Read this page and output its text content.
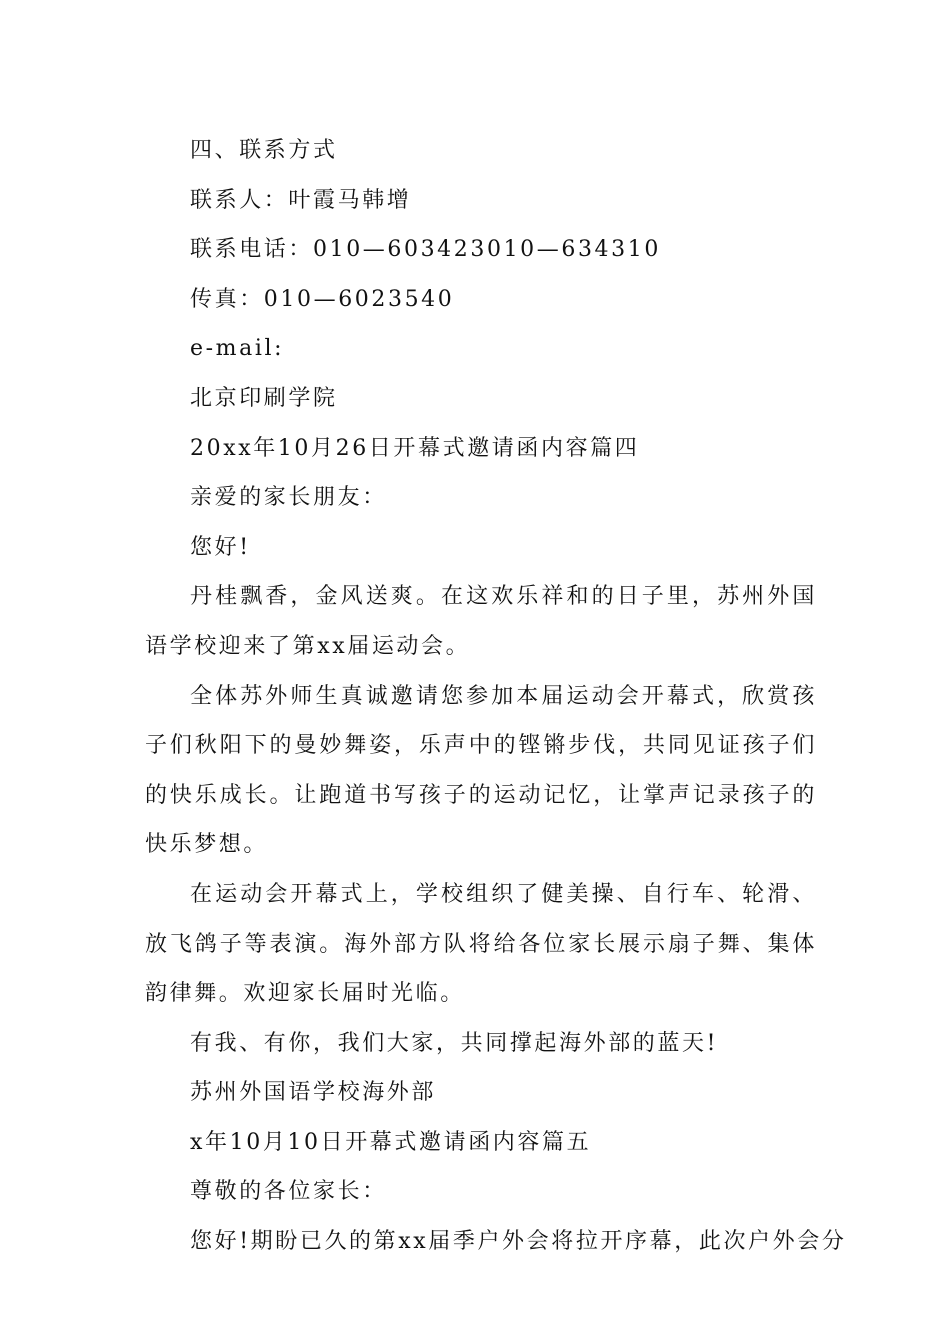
四、联系方式

联系人：叶霞马韩增

联系电话：010—603423010—634310

传真：010—6023540

e-mail:

北京印刷学院

20xx年10月26日开幕式邀请函内容篇四

亲爱的家长朋友：

您好!

丹桂飘香，金风送爽。在这欢乐祥和的日子里，苏州外国语学校迎来了第xx届运动会。

全体苏外师生真诚邀请您参加本届运动会开幕式，欣赏孩子们秋阳下的曼妙舞姿，乐声中的铿锵步伐，共同见证孩子们的快乐成长。让跑道书写孩子的运动记忆，让掌声记录孩子的快乐梦想。

在运动会开幕式上，学校组织了健美操、自行车、轮滑、放飞鸽子等表演。海外部方队将给各位家长展示扇子舞、集体韵律舞。欢迎家长届时光临。

有我、有你，我们大家，共同撑起海外部的蓝天!

苏州外国语学校海外部

x年10月10日开幕式邀请函内容篇五

尊敬的各位家长：

您好!期盼已久的第xx届季户外会将拉开序幕，此次户外会分
